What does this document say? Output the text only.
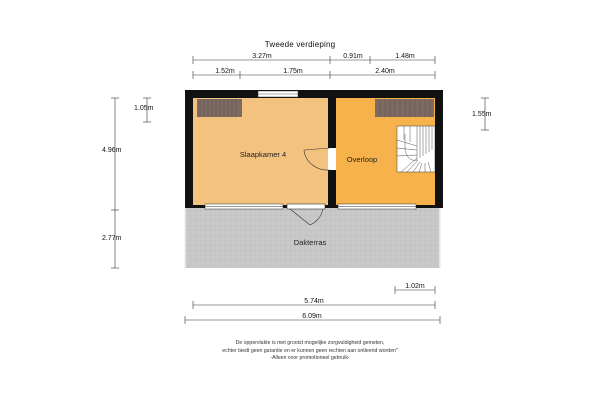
Tweede verdieping
3.27m	0.91m	1.48m
1.52m	1.75m	2.40m
1.05m
4.96m
2.77m
1.55m
1.02m
5.74m
6.09m
Slaapkamer 4
Overloop
Dakterras
De oppervlakte is met grootst mogelijke zorgvuldigheid gemeten,
echter biedt geen garantie en er kunnen geen rechten aan ontleend worden"
-Alleen voor promotioneel gebruik-
